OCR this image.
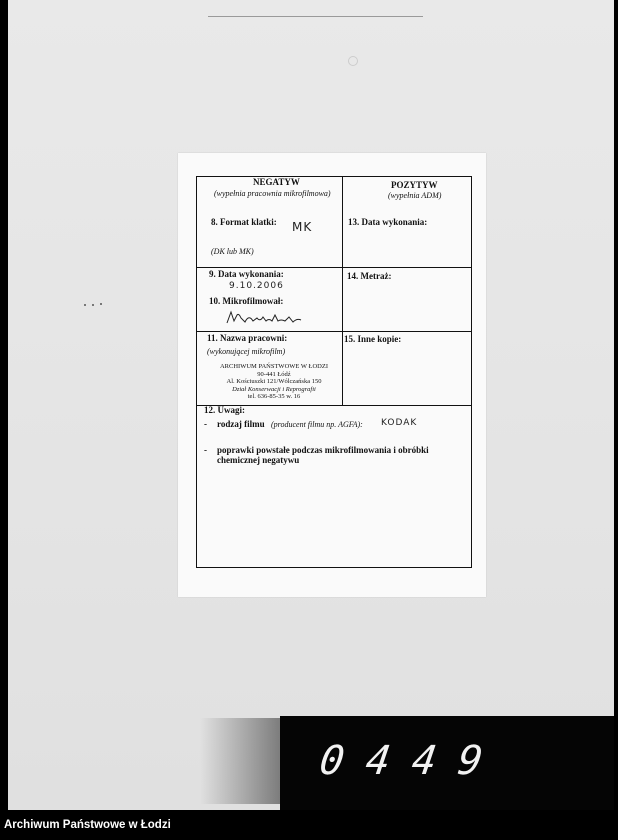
NEGATYW
(wypełnia pracownia mikrofilmowa)
POZYTYW
(wypełnia ADM)
8. Format klatki: MK
(DK lub MK)
13. Data wykonania:
9. Data wykonania:
9.10.2006
10. Mikrofilmował:
14. Metraż:
11. Nazwa pracowni:
(wykonującej mikrofilm)
ARCHIWUM PAŃSTWOWE W ŁODZI
90-441 Łódź
Al. Kościuszki 121/Wólczańska 150
Dział Konserwacji i Reprografii
tel. 636-85-35 w. 16
15. Inne kopie:
12. Uwagi:
- rodzaj filmu (producent filmu np. AGFA): KODAK
- poprawki powstałe podczas mikrofilmowania i obróbki
chemicznej negatywu
0449
Archiwum Państwowe w Łodzi
